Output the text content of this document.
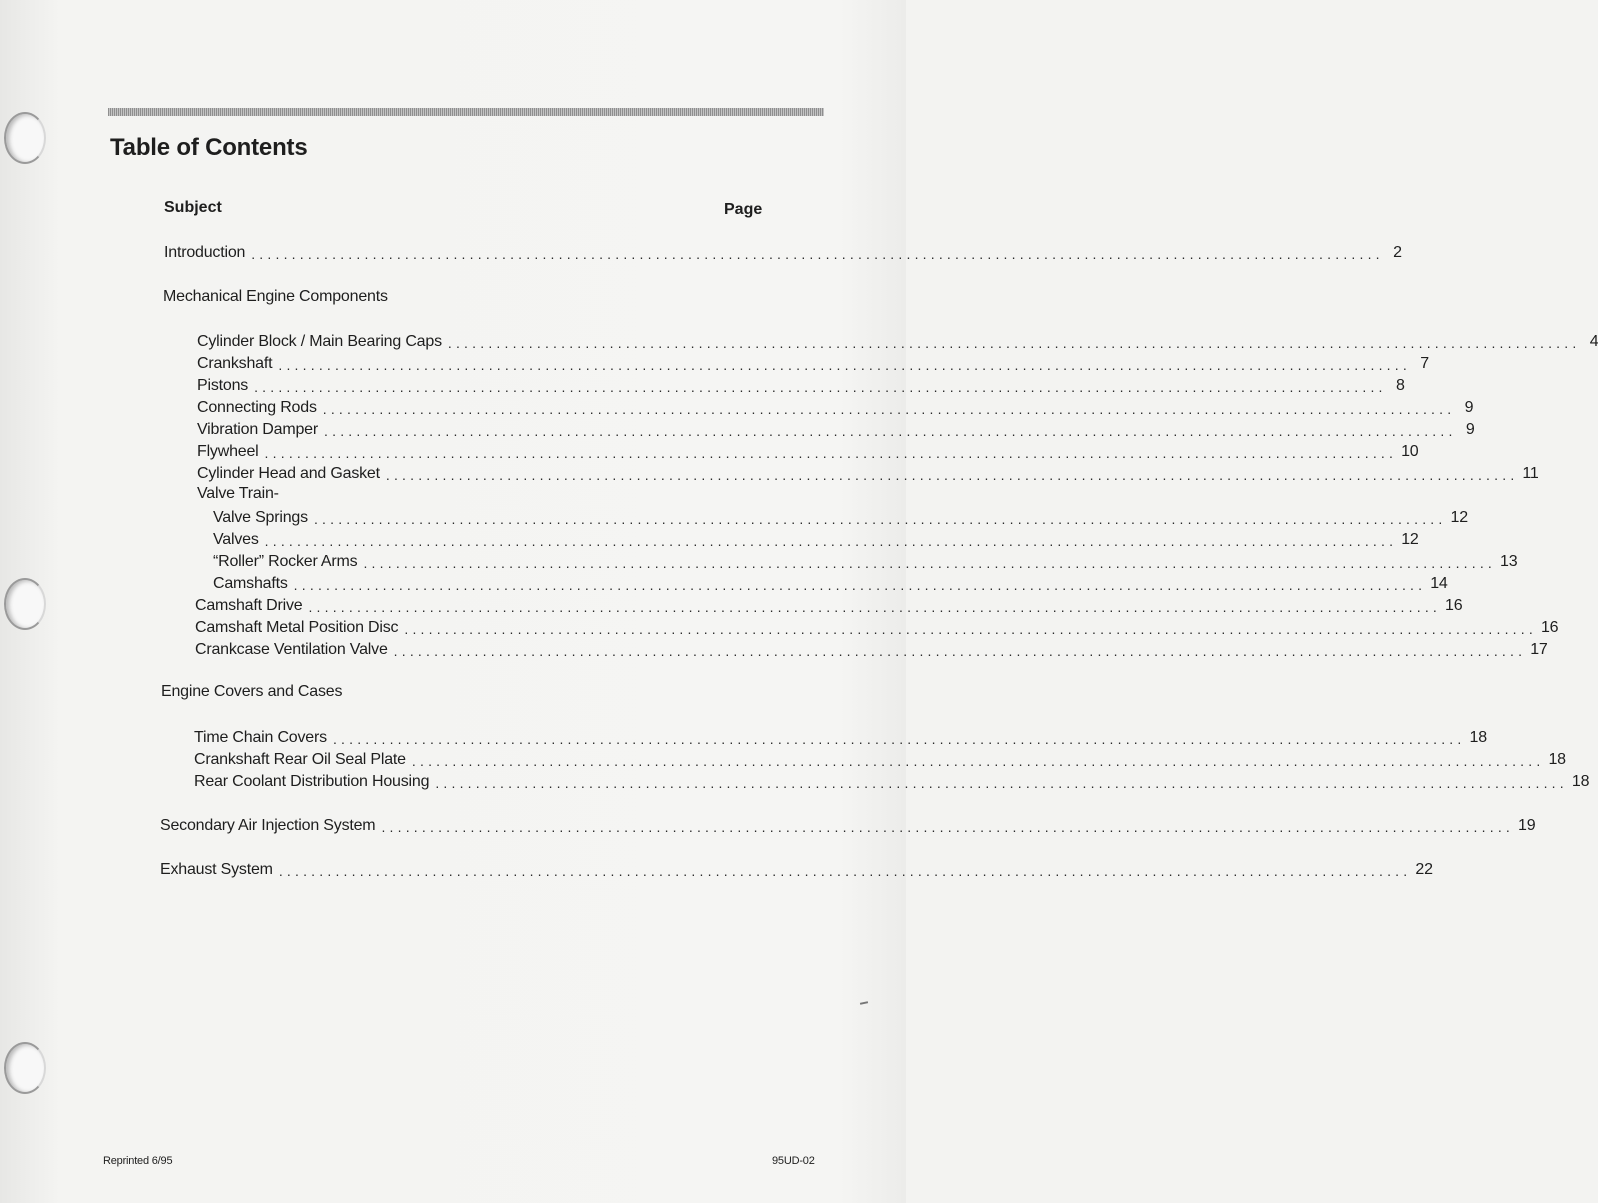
Table of Contents
Subject	Page
Introduction ............................................................................................................................................ 2
Mechanical Engine Components
Cylinder Block / Main Bearing Caps ............................................................................................................................................ 4
Crankshaft ............................................................................................................................................ 7
Pistons ............................................................................................................................................ 8
Connecting Rods ............................................................................................................................................ 9
Vibration Damper ............................................................................................................................................ 9
Flywheel ............................................................................................................................................ 10
Cylinder Head and Gasket ............................................................................................................................................ 11
Valve Train-
Valve Springs ............................................................................................................................................ 12
Valves ............................................................................................................................................ 12
“Roller” Rocker Arms ............................................................................................................................................ 13
Camshafts ............................................................................................................................................ 14
Camshaft Drive ............................................................................................................................................ 16
Camshaft Metal Position Disc ............................................................................................................................................ 16
Crankcase Ventilation Valve ............................................................................................................................................ 17
Engine Covers and Cases
Time Chain Covers ............................................................................................................................................ 18
Crankshaft Rear Oil Seal Plate ............................................................................................................................................ 18
Rear Coolant Distribution Housing ............................................................................................................................................ 18
Secondary Air Injection System ............................................................................................................................................ 19
Exhaust System ............................................................................................................................................ 22
Reprinted 6/95	95UD-02
